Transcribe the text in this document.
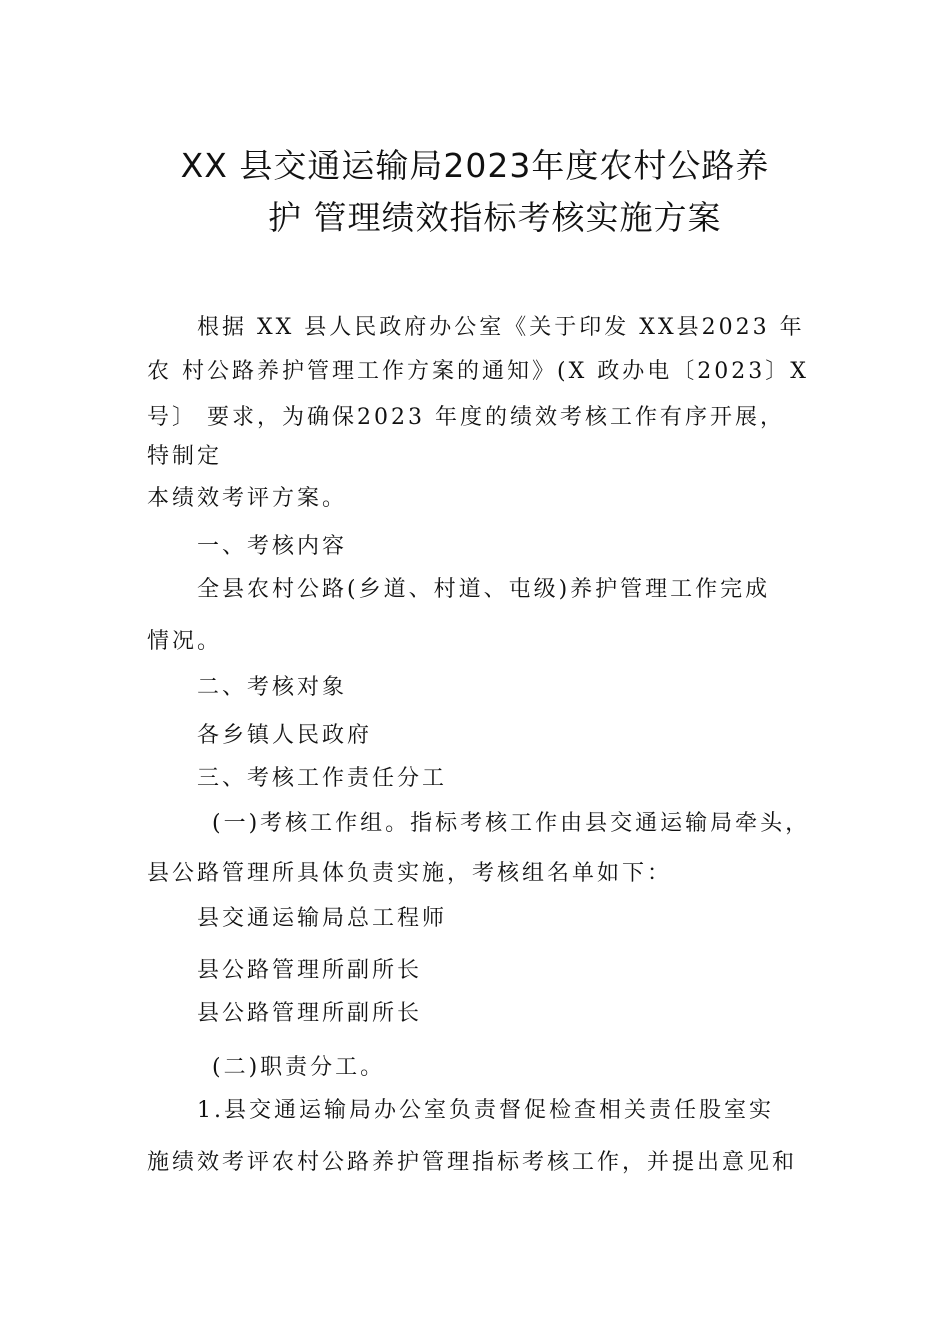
XX 县交通运输局2023年度农村公路养
护 管理绩效指标考核实施方案
根据 XX 县人民政府办公室《关于印发 XX县2023 年
农 村公路养护管理工作方案的通知》(X 政办电〔2023〕X
号〕 要求，为确保2023 年度的绩效考核工作有序开展，
特制定
本绩效考评方案。
一、考核内容
全县农村公路(乡道、村道、屯级)养护管理工作完成
情况。
二、考核对象
各乡镇人民政府
三、考核工作责任分工
(一)考核工作组。指标考核工作由县交通运输局牵头，
县公路管理所具体负责实施，考核组名单如下：
县交通运输局总工程师
县公路管理所副所长
县公路管理所副所长
(二)职责分工。
1.县交通运输局办公室负责督促检查相关责任股室实
施绩效考评农村公路养护管理指标考核工作，并提出意见和
